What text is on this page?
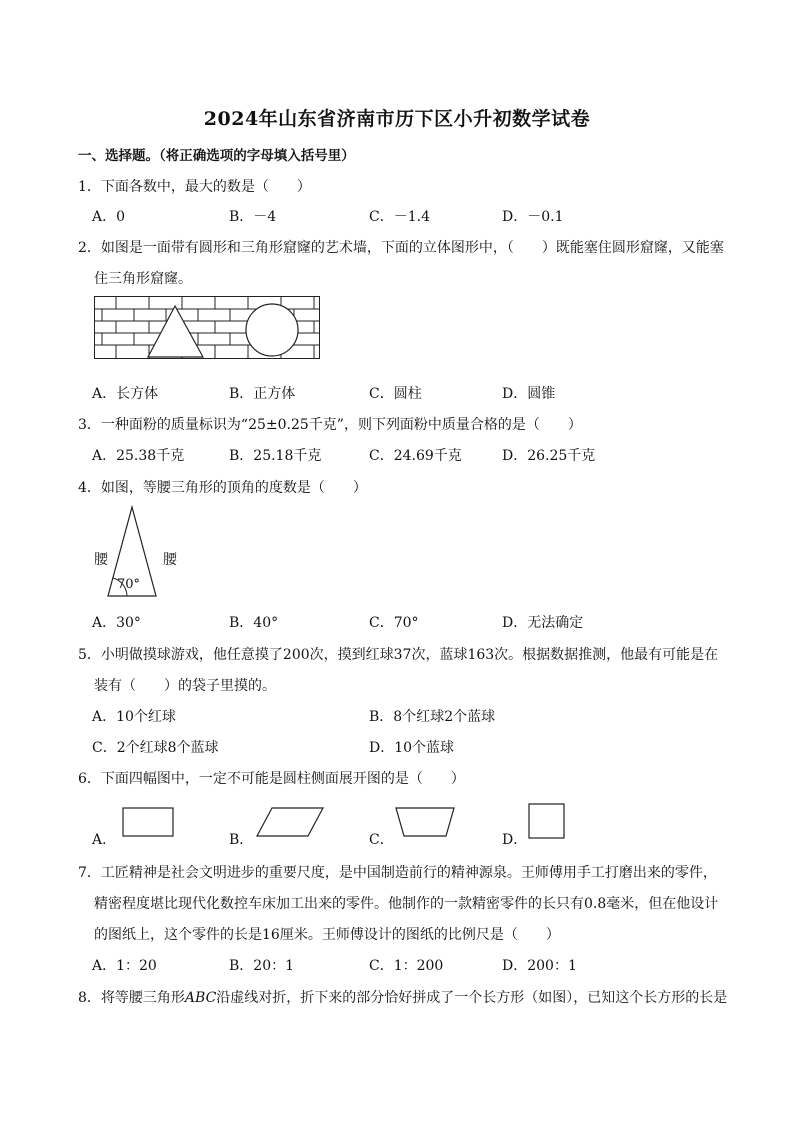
2024年山东省济南市历下区小升初数学试卷
一、选择题。（将正确选项的字母填入括号里）
1．下面各数中，最大的数是（　　）
A．0	B．－4	C．－1.4	D．－0.1
2．如图是一面带有圆形和三角形窟窿的艺术墙，下面的立体图形中，（　　）既能塞住圆形窟窿，又能塞
住三角形窟窿。
A．长方体	B．正方体	C．圆柱	D．圆锥
3．一种面粉的质量标识为“25±0.25千克”，则下列面粉中质量合格的是（　　）
A．25.38千克	B．25.18千克	C．24.69千克	D．26.25千克
4．如图，等腰三角形的顶角的度数是（　　）
腰	腰
70°
A．30°	B．40°	C．70°	D．无法确定
5．小明做摸球游戏，他任意摸了200次，摸到红球37次，蓝球163次。根据数据推测，他最有可能是在
装有（　　）的袋子里摸的。
A．10个红球	B．8个红球2个蓝球
C．2个红球8个蓝球	D．10个蓝球
6．下面四幅图中，一定不可能是圆柱侧面展开图的是（　　）
A．	B．	C．	D．
7．工匠精神是社会文明进步的重要尺度，是中国制造前行的精神源泉。王师傅用手工打磨出来的零件，
精密程度堪比现代化数控车床加工出来的零件。他制作的一款精密零件的长只有0.8毫米，但在他设计
的图纸上，这个零件的长是16厘米。王师傅设计的图纸的比例尺是（　　）
A．1：20	B．20：1	C．1：200	D．200：1
8．将等腰三角形ABC沿虚线对折，折下来的部分恰好拼成了一个长方形（如图），已知这个长方形的长是
